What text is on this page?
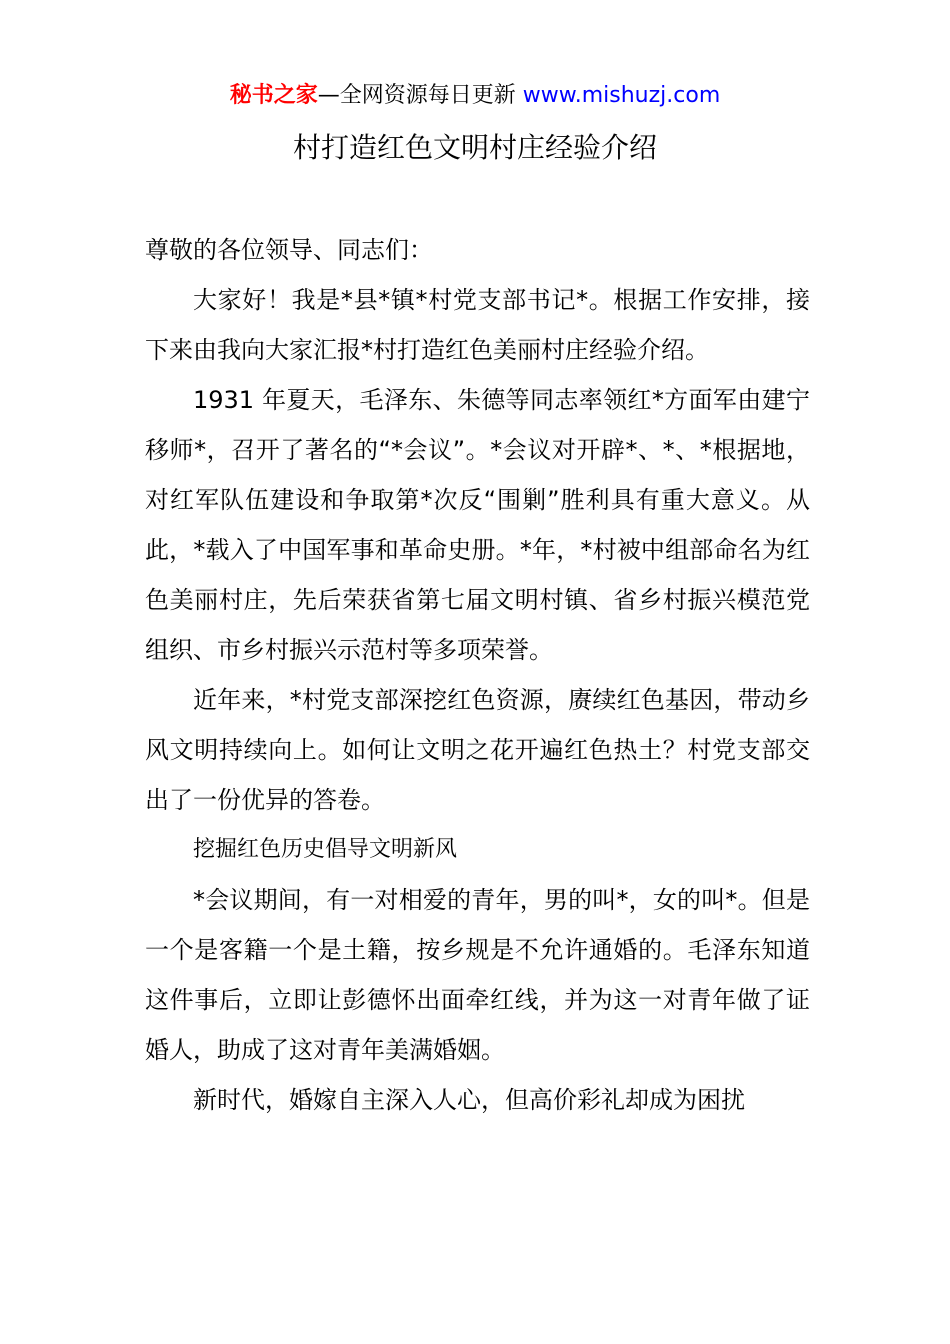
秘书之家—全网资源每日更新 www.mishuzj.com
村打造红色文明村庄经验介绍

尊敬的各位领导、同志们：

大家好！我是*县*镇*村党支部书记*。根据工作安排，接下来由我向大家汇报*村打造红色美丽村庄经验介绍。

1931 年夏天，毛泽东、朱德等同志率领红*方面军由建宁移师*，召开了著名的“*会议”。*会议对开辟*、*、*根据地，对红军队伍建设和争取第*次反“围剿”胜利具有重大意义。从此，*载入了中国军事和革命史册。*年，*村被中组部命名为红色美丽村庄，先后荣获省第七届文明村镇、省乡村振兴模范党组织、市乡村振兴示范村等多项荣誉。

近年来，*村党支部深挖红色资源，赓续红色基因，带动乡风文明持续向上。如何让文明之花开遍红色热土？村党支部交出了一份优异的答卷。

挖掘红色历史倡导文明新风

*会议期间，有一对相爱的青年，男的叫*，女的叫*。但是一个是客籍一个是土籍，按乡规是不允许通婚的。毛泽东知道这件事后，立即让彭德怀出面牵红线，并为这一对青年做了证婚人，助成了这对青年美满婚姻。

新时代，婚嫁自主深入人心，但高价彩礼却成为困扰
